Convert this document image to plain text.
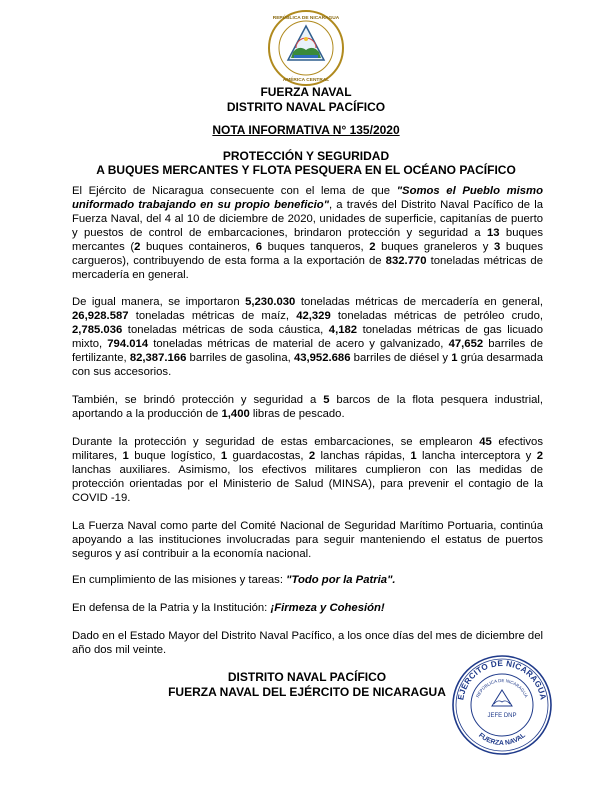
REPÚBLICA DE NICARAGUA
AMÉRICA CENTRAL
FUERZA NAVAL
DISTRITO NAVAL PACÍFICO
NOTA INFORMATIVA N° 135/2020
PROTECCIÓN Y SEGURIDAD
A BUQUES MERCANTES Y FLOTA PESQUERA EN EL OCÉANO PACÍFICO
El Ejército de Nicaragua consecuente con el lema de que "Somos el Pueblo mismo uniformado trabajando en su propio beneficio", a través del Distrito Naval Pacífico de la Fuerza Naval, del 4 al 10 de diciembre de 2020, unidades de superficie, capitanías de puerto y puestos de control de embarcaciones, brindaron protección y seguridad a 13 buques mercantes (2 buques containeros, 6 buques tanqueros, 2 buques graneleros y 3 buques cargueros), contribuyendo de esta forma a la exportación de 832.770 toneladas métricas de mercadería en general.
De igual manera, se importaron 5,230.030 toneladas métricas de mercadería en general, 26,928.587 toneladas métricas de maíz, 42,329 toneladas métricas de petróleo crudo, 2,785.036 toneladas métricas de soda cáustica, 4,182 toneladas métricas de gas licuado mixto, 794.014 toneladas métricas de material de acero y galvanizado, 47,652 barriles de fertilizante, 82,387.166 barriles de gasolina, 43,952.686 barriles de diésel y 1 grúa desarmada con sus accesorios.
También, se brindó protección y seguridad a 5 barcos de la flota pesquera industrial, aportando a la producción de 1,400 libras de pescado.
Durante la protección y seguridad de estas embarcaciones, se emplearon 45 efectivos militares, 1 buque logístico, 1 guardacostas, 2 lanchas rápidas, 1 lancha interceptora y 2 lanchas auxiliares. Asimismo, los efectivos militares cumplieron con las medidas de protección orientadas por el Ministerio de Salud (MINSA), para prevenir el contagio de la COVID -19.
La Fuerza Naval como parte del Comité Nacional de Seguridad Marítimo Portuaria, continúa apoyando a las instituciones involucradas para seguir manteniendo el estatus de puertos seguros y así contribuir a la economía nacional.
En cumplimiento de las misiones y tareas: "Todo por la Patria".
En defensa de la Patria y la Institución: ¡Firmeza y Cohesión!
Dado en el Estado Mayor del Distrito Naval Pacífico, a los once días del mes de diciembre del año dos mil veinte.
DISTRITO NAVAL PACÍFICO
FUERZA NAVAL DEL EJÉRCITO DE NICARAGUA	EJÉRCITO DE NICARAGUA
REPÚBLICA DE NICARAGUA
JEFE DNP
FUERZA NAVAL
